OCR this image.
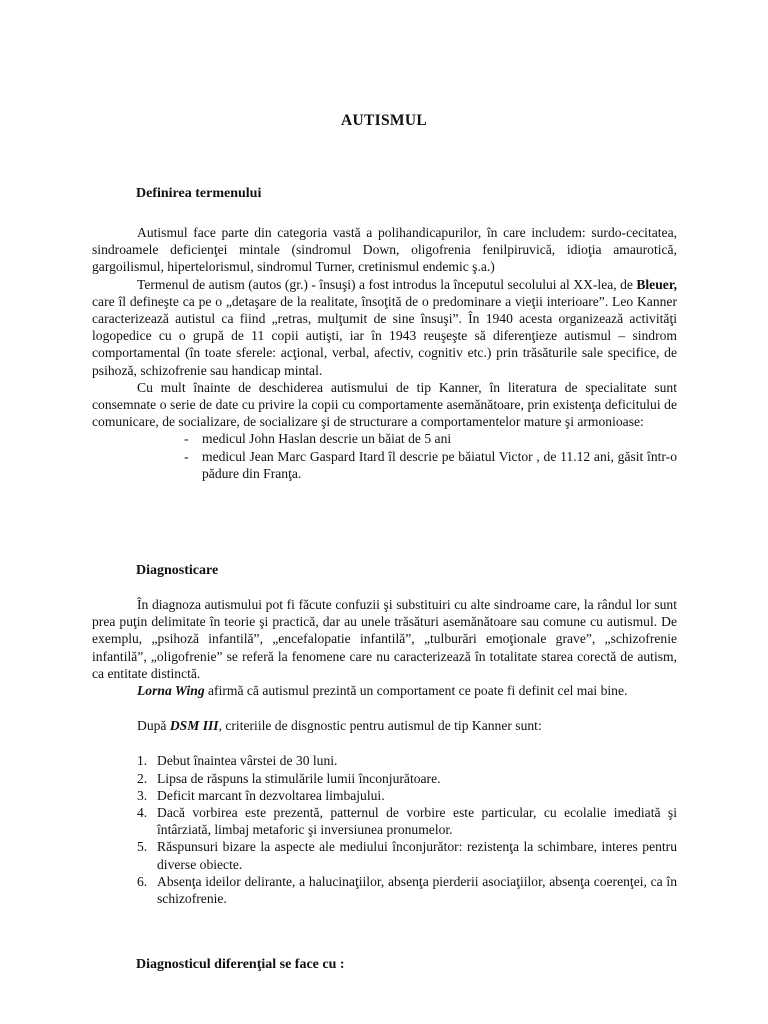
AUTISMUL
Definirea termenului

Autismul face parte din categoria vastă a polihandicapurilor, în care includem: surdo-cecitatea, sindroamele deficienţei mintale (sindromul Down, oligofrenia fenilpiruvică, idioţia amaurotică, gargoilismul, hipertelorismul, sindromul Turner, cretinismul endemic ş.a.)

Termenul de autism (autos (gr.) - însuşi) a fost introdus la începutul secolului al XX-lea, de Bleuer, care îl defineşte ca pe o „detaşare de la realitate, însoţită de o predominare a vieţii interioare”. Leo Kanner caracterizează autistul ca fiind „retras, mulţumit de sine însuşi”. În 1940 acesta organizează activităţi logopedice cu o grupă de 11 copii autişti, iar în 1943 reuşeşte să diferenţieze autismul – sindrom comportamental (în toate sferele: acţional, verbal, afectiv, cognitiv etc.) prin trăsăturile sale specifice, de psihoză, schizofrenie sau handicap mintal.

Cu mult înainte de deschiderea autismului de tip Kanner, în literatura de specialitate sunt consemnate o serie de date cu privire la copii cu comportamente asemănătoare, prin existenţa deficitului de comunicare, de socializare, de socializare şi de structurare a comportamentelor mature şi armonioase:

- medicul John Haslan descrie un băiat de 5 ani
- medicul Jean Marc Gaspard Itard îl descrie pe băiatul Victor , de 11.12 ani, găsit într-o pădure din Franţa.
Diagnosticare

În diagnoza autismului pot fi făcute confuzii şi substituiri cu alte sindroame care, la rândul lor sunt prea puţin delimitate în teorie şi practică, dar au unele trăsături asemănătoare sau comune cu autismul. De exemplu, „psihoză infantilă”, „encefalopatie infantilă”, „tulburări emoţionale grave”, „schizofrenie infantilă”, „oligofrenie” se referă la fenomene care nu caracterizează în totalitate starea corectă de autism, ca entitate distinctă.

Lorna Wing afirmă că autismul prezintă un comportament ce poate fi definit cel mai bine.

După DSM III, criteriile de disgnostic pentru autismul de tip Kanner sunt:

1. Debut înaintea vârstei de 30 luni.
2. Lipsa de răspuns la stimulările lumii înconjurătoare.
3. Deficit marcant în dezvoltarea limbajului.
4. Dacă vorbirea este prezentă, patternul de vorbire este particular, cu ecolalie imediată şi întârziată, limbaj metaforic şi inversiunea pronumelor.
5. Răspunsuri bizare la aspecte ale mediului înconjurător: rezistenţa la schimbare, interes pentru diverse obiecte.
6. Absenţa ideilor delirante, a halucinaţiilor, absenţa pierderii asociaţiilor, absenţa coerenţei, ca în schizofrenie.
Diagnosticul diferenţial se face cu :
